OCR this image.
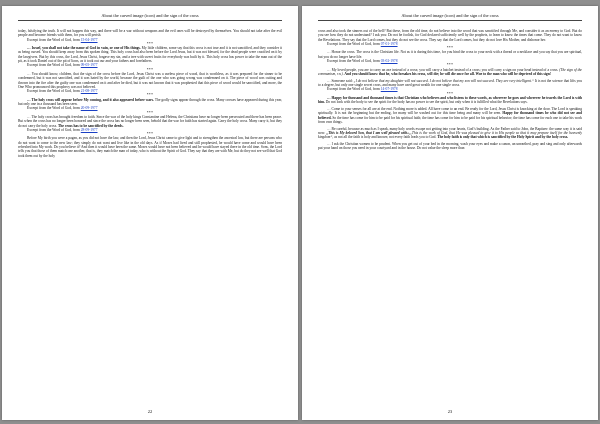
About the carved image (icon) and the sign of the cross

today, falsifying the truth. It will not happen this way, and there will be a war without weapons and the evil ones will be destroyed by themselves. You should not take after the evil people and become friends with them, for you will perish.

Excerpt from the Word of God, from 15-04-1977

***

… Israel, you shall not take the name of God in vain, or one of His things. My little children, some say that this cross is not true and it is not sanctified, and they consider it as being cursed. You should keep away from this spoken thing. This holy cross had also been before the Lord Jesus, but it was not blessed, for the dead people were crucified on it by the lawgivers. But by this cross, the Lord, Jesus Christ, forgave my sin, and a tree with sweet fruits for everybody was built by it. This holy cross has power to take the man out of the pit, as it took Daniel out of the pit of lions, as it took out our and your fathers and forefathers.

Excerpt from the Word of God, from 09-05-1977

***

… You should know, children, that the sign of the cross before the Lord, Jesus Christ was a useless piece of wood, that is worthless, as it was prepared for the sinner to be condemned, but it was not sanctified, and it was hated by the world, because the guilt of the one who was going wrong was condemned on it. The piece of wood was cutting and thrown into the fire after the guilty one was condemned on it and after he died, but it was not known that it was prophesied that this piece of wood would be sanctified, and more, the One Who pronounced this prophecy was not believed.

Excerpt from the Word of God, from 21-08-1977

***

… The holy cross will appear before My coming, and it also appeared before wars. The godly signs appear through the cross. Many crosses have appeared during this year, but only one in a thousand has been seen.

Excerpt from the Word of God, from 20-09-1977

***

… The holy cross has brought freedom to faith. Since the war of the holy kings Constantine and Helena, the Christians have no longer been persecuted and there has been peace. But when the cross has no longer been honored and since the cross has no longer been seen, behold that the war for faith has started again. Carry the holy cross. Many carry it, but they do not carry the holy cross. The cross has to be sanctified by the deeds.

Excerpt from the Word of God, from 28-09-1977

***

Before My birth you were a pagan, as you did not have the law, and then the Lord, Jesus Christ came to give light and to strengthen the ancestral law, but there are persons who do not want to come to the new law; they simply do not want and live like in the old days. As if Moses had lived and still prophesied, he would have come and would have been refreshed into My work. Do you believe it? And then it would have been the same. Moses would have not been believed and he would have stayed there in the old time. Sons, the Lord tells you that those of them match one another, that is, they match the man of today, who is without the Spirit of God. They say that they are with Me, but do they not see well that God took them out by the holy

22
About the carved image (icon) and the sign of the cross

cross and also took the sinners out of the hell? But these, from the old time, do not believe into the wood that was sanctified through Me, and consider it as an enemy to God. But do you see how they do not understand? I ask you: Do not be foolish, for God declared sufficiently well by the prophets, to learn to know the times that come. They do not want to know the Revelations. They say that the Lord comes, but they do not see the cross. They say that the Lord comes, but they do not love His Mother, and dishonor her.

Excerpt from the Word of God, from 07-01-1978

***

… Honor the cross. The cross is the Christian life. Not as it is during this time, for you bind the cross to your neck with a thread or a necklace and you say that you are spiritual, but you do no longer have life.

Excerpt from the Word of God, from 03-02-1978

***

… My loved people, you are to carry an axe instead of a cross; you will carry a hatchet instead of a cross; you will carry a sign on your head instead of a cross. (The sign of the communism, r.n.). And you should know that he, who forsakes his cross, will die; he will die once for all. Woe to the man who will be deprived of this sign!

… Someone said: „I do not believe that my daughter will not succeed. I do not believe that my son will not succeed. They are very intelligent.“ It is not the science that lifts you to a degree, but only one single secret cross, and many have used great wealth for one single cross.

Excerpt from the Word of God, from 14-07-1978

***

… Happy for thousand and thousand times is that Christian who believes and who listens to these words, as wherever he goes and wherever he travels the Lord is with him. Do not look with the body to see the spirit for the body has no power to see the spirit, but only when it is fulfilled what the Revelations says.

… Come to your senses for all are at the end. Nothing more is added. All have come to an end. Be ready for the Lord, Jesus Christ is knocking at the door. The Lord is speaking spiritually. It is not the beginning but the ending, for many will be washed out for this time being and many will be seen. Happy for thousand times be who did not see and believed. So the time has come for him to be paid for his spiritual faith; the time has come for him to be paid for his spiritual behavior; the time has come for each one to take his work from own things.

… Be careful, because as much as I speak, many holy words escape not getting into your hearts, God’s building. As the Father said to John, the Baptizer: the same way it is said now: „This is My beloved Son, that I am well pleased with«,„This is the work of God, that He was pleased to give it to His people so that it may prepare itself for the heavenly kingdom“, as not all the faith is holy and known; not every faith leads you to God. The holy faith is only that which is sanctified by the Holy Spirit and by the holy cross.

… I ask the Christian women to be prudent. When you get out of your bed in the morning, wash your eyes and make a canon, an unearthed, pray and sing and only afterwards put your hand on those you need in your courtyard and in the house. Do not value the sleep more than

23
